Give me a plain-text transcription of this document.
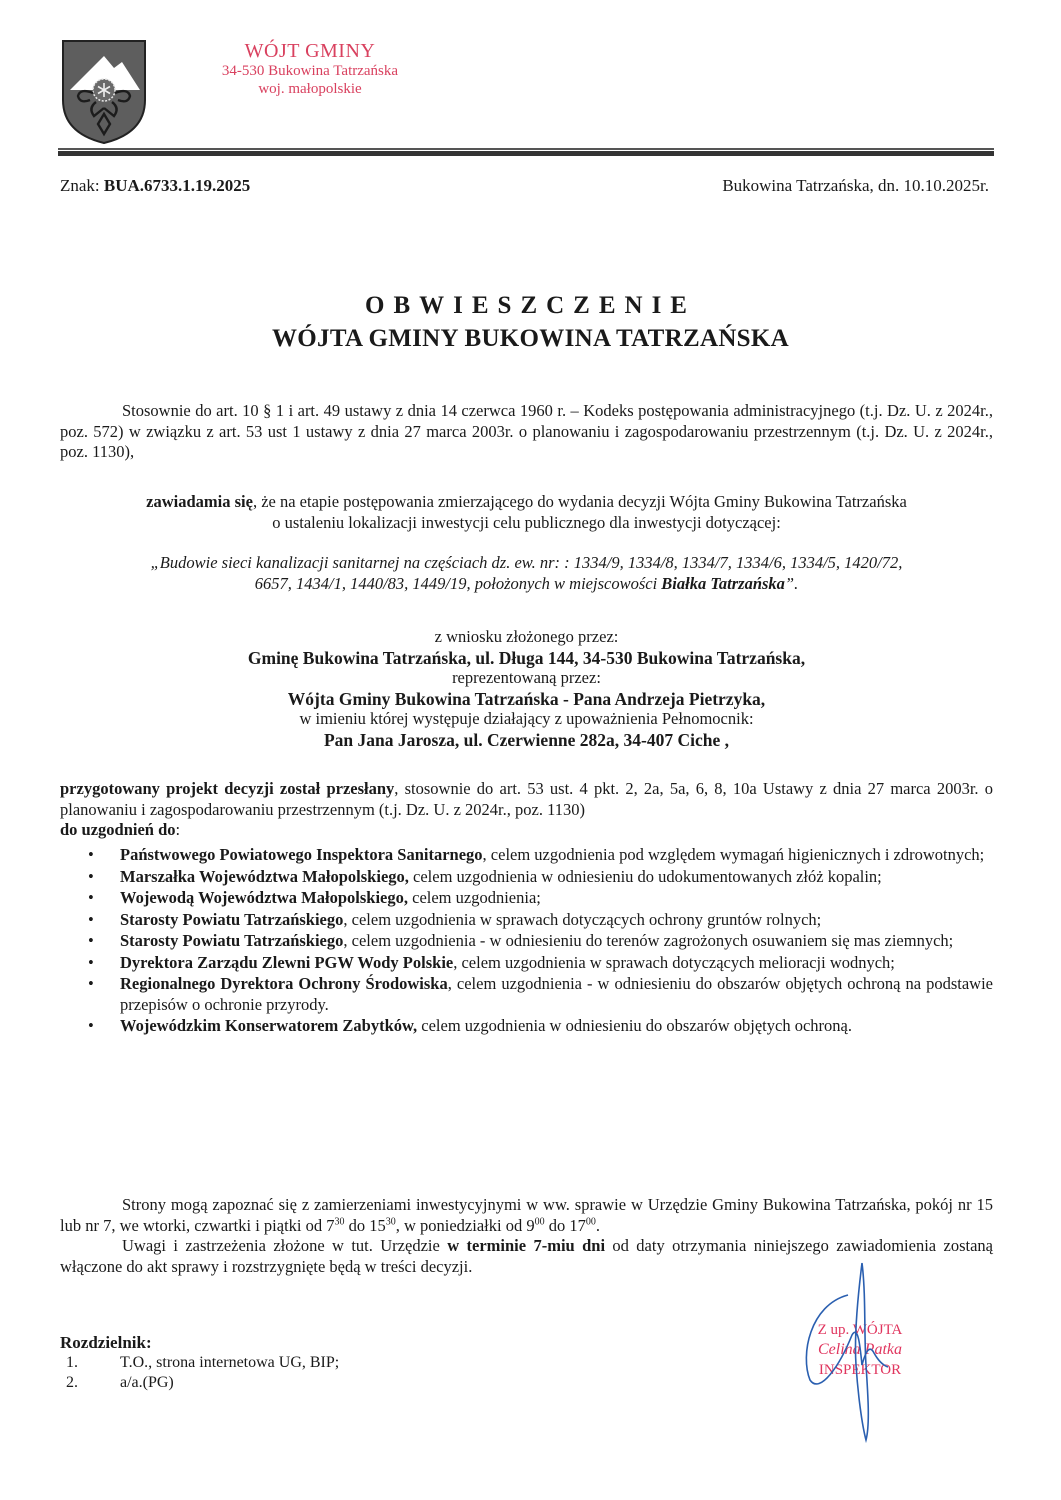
WÓJT GMINY
34-530 Bukowina Tatrzańska
woj. małopolskie
Znak: BUA.6733.1.19.2025	Bukowina Tatrzańska, dn. 10.10.2025r.
OBWIESZCZENIE
WÓJTA GMINY BUKOWINA TATRZAŃSKA
Stosownie do art. 10 § 1 i art. 49 ustawy z dnia 14 czerwca 1960 r. – Kodeks postępowania administracyjnego (t.j. Dz. U. z 2024r., poz. 572) w związku z art. 53 ust 1 ustawy z dnia 27 marca 2003r. o planowaniu i zagospodarowaniu przestrzennym (t.j. Dz. U. z 2024r., poz. 1130),
zawiadamia się, że na etapie postępowania zmierzającego do wydania decyzji Wójta Gminy Bukowina Tatrzańska
o ustaleniu lokalizacji inwestycji celu publicznego dla inwestycji dotyczącej:
„Budowie sieci kanalizacji sanitarnej na częściach dz. ew. nr: : 1334/9, 1334/8, 1334/7, 1334/6, 1334/5, 1420/72,
6657, 1434/1, 1440/83, 1449/19, położonych w miejscowości Białka Tatrzańska”.
z wniosku złożonego przez:
Gminę Bukowina Tatrzańska, ul. Długa 144, 34-530 Bukowina Tatrzańska,
reprezentowaną przez:
Wójta Gminy Bukowina Tatrzańska - Pana Andrzeja Pietrzyka,
w imieniu której występuje działający z upoważnienia Pełnomocnik:
Pan Jana Jarosza, ul. Czerwienne 282a, 34-407 Ciche ,
przygotowany projekt decyzji został przesłany, stosownie do art. 53 ust. 4 pkt. 2, 2a, 5a, 6, 8, 10a Ustawy z dnia 27 marca 2003r. o planowaniu i zagospodarowaniu przestrzennym (t.j. Dz. U. z 2024r., poz. 1130)
do uzgodnień do:
• Państwowego Powiatowego Inspektora Sanitarnego, celem uzgodnienia pod względem wymagań higienicznych i zdrowotnych;
• Marszałka Województwa Małopolskiego, celem uzgodnienia w odniesieniu do udokumentowanych złóż kopalin;
• Wojewodą Województwa Małopolskiego, celem uzgodnienia;
• Starosty Powiatu Tatrzańskiego, celem uzgodnienia w sprawach dotyczących ochrony gruntów rolnych;
• Starosty Powiatu Tatrzańskiego, celem uzgodnienia - w odniesieniu do terenów zagrożonych osuwaniem się mas ziemnych;
• Dyrektora Zarządu Zlewni PGW Wody Polskie, celem uzgodnienia w sprawach dotyczących melioracji wodnych;
• Regionalnego Dyrektora Ochrony Środowiska, celem uzgodnienia - w odniesieniu do obszarów objętych ochroną na podstawie przepisów o ochronie przyrody.
• Wojewódzkim Konserwatorem Zabytków, celem uzgodnienia w odniesieniu do obszarów objętych ochroną.
Strony mogą zapoznać się z zamierzeniami inwestycyjnymi w ww. sprawie w Urzędzie Gminy Bukowina Tatrzańska, pokój nr 15 lub nr 7, we wtorki, czwartki i piątki od $7^{30}$ do $15^{30}$, w poniedziałki od $9^{00}$ do $17^{00}$.
Uwagi i zastrzeżenia złożone w tut. Urzędzie w terminie 7-miu dni od daty otrzymania niniejszego zawiadomienia zostaną włączone do akt sprawy i rozstrzygnięte będą w treści decyzji.
Rozdzielnik:
1.	T.O., strona internetowa UG, BIP;
2.	a/a.(PG)
Z up. WÓJTA
Celina Patka
INSPEKTOR
